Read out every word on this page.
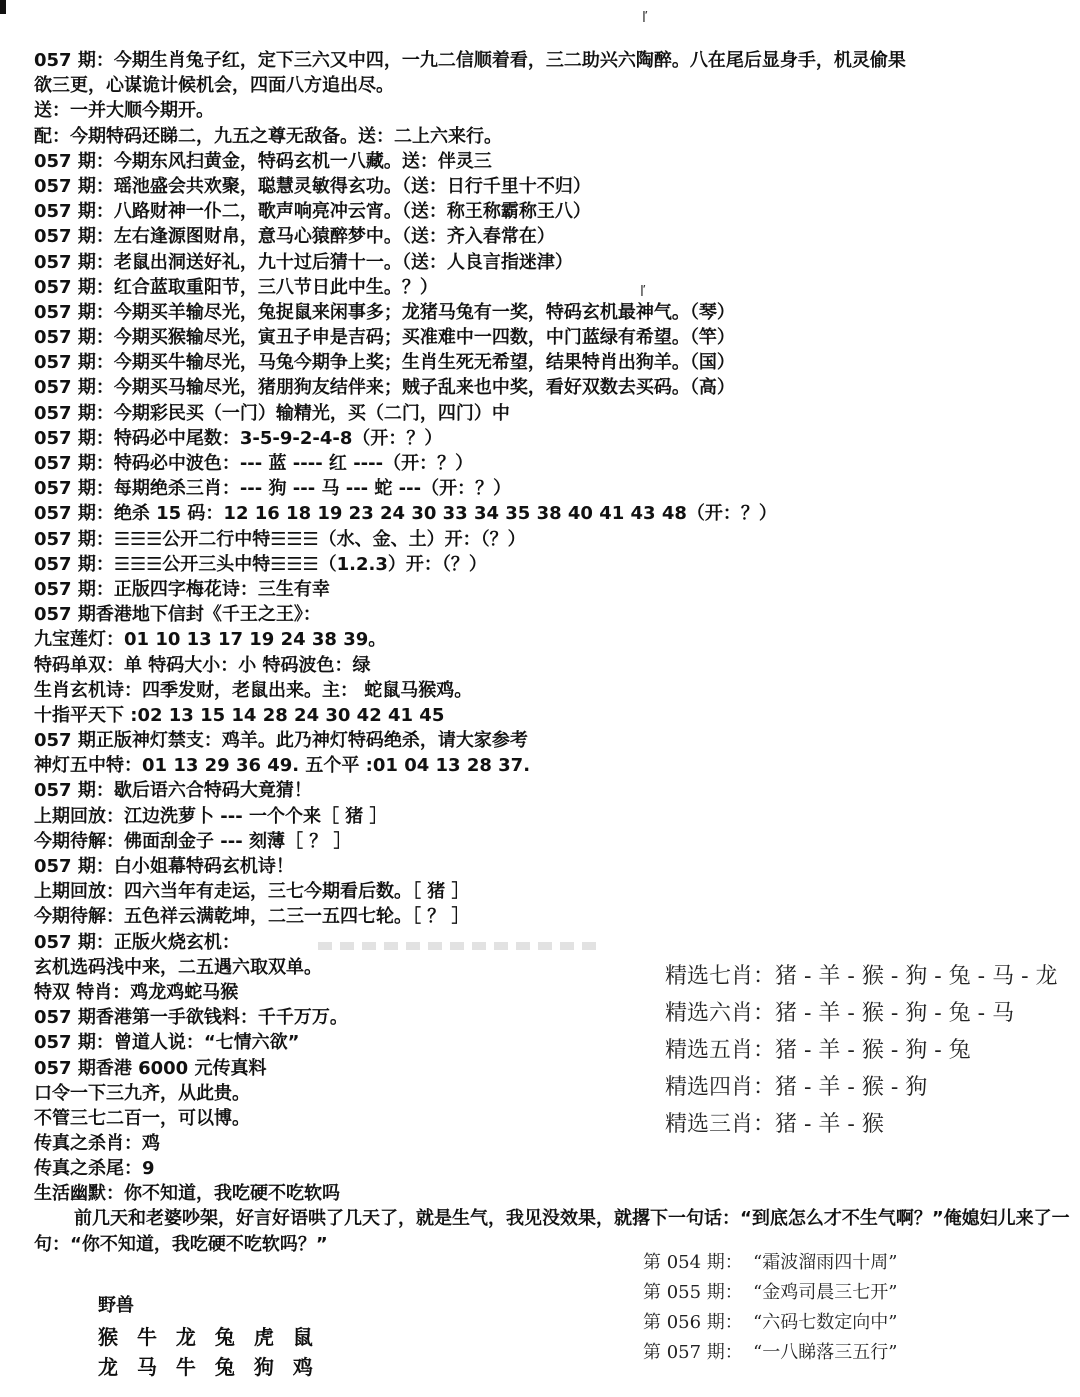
ľ
ľ
057 期：今期生肖兔子红，定下三六又中四，一九二信顺着看，三二助兴六陶醉。八在尾后显身手，机灵偷果
欲三更，心谋诡计候机会，四面八方追出尽。
送：一并大顺今期开。
配：今期特码还睇二，九五之尊无敌备。送：二上六来行。
057 期：今期东风扫黄金，特码玄机一八藏。送：伴灵三
057 期：瑶池盛会共欢聚，聪慧灵敏得玄功。（送：日行千里十不归）
057 期：八路财神一仆二，歌声响亮冲云宵。（送：称王称霸称王八）
057 期：左右逢源图财帛，意马心猿醉梦中。（送：齐入春常在）
057 期：老鼠出洞送好礼，九十过后猜十一。（送：人良言指迷津）
057 期：红合蓝取重阳节，三八节日此中生。？）
057 期：今期买羊输尽光，兔捉鼠来闲事多；龙猪马兔有一奖，特码玄机最神气。（琴）
057 期：今期买猴输尽光，寅丑子申是吉码；买准难中一四数，中门蓝绿有希望。（竿）
057 期：今期买牛输尽光，马兔今期争上奖；生肖生死无希望，结果特肖出狗羊。（国）
057 期：今期买马输尽光，猪朋狗友结伴来；贼子乱来也中奖，看好双数去买码。（高）
057 期：今期彩民买（一门）输精光，买（二门，四门）中
057 期：特码必中尾数：3-5-9-2-4-8（开：？）
057 期：特码必中波色：--- 蓝 ---- 红 ----（开：？）
057 期：每期绝杀三肖：--- 狗 --- 马 --- 蛇 ---（开：？）
057 期：绝杀 15 码：12 16 18 19 23 24 30 33 34 35 38 40 41 43 48（开：？）
057 期：☰☰☰公开二行中特☰☰☰（水、金、土）开：（？）
057 期：☰☰☰公开三头中特☰☰☰（1.2.3）开：（？）
057 期：正版四字梅花诗：三生有幸
057 期香港地下信封《千王之王》：
九宝莲灯：01 10 13 17 19 24 38 39。
特码单双：单 特码大小：小 特码波色：绿
生肖玄机诗：四季发财，老鼠出来。主： 蛇鼠马猴鸡。
十指平天下 :02 13 15 14 28 24 30 42 41 45
057 期正版神灯禁支：鸡羊。此乃神灯特码绝杀，请大家参考
神灯五中特：01 13 29 36 49. 五个平 :01 04 13 28 37.
057 期：歇后语六合特码大竟猜！
上期回放：江边洗萝卜 --- 一个个来［ 猪 ］
今期待解：佛面刮金子 --- 刻薄［ ？ ］
057 期：白小姐幕特码玄机诗！
上期回放：四六当年有走运，三七今期看后数。［ 猪 ］
今期待解：五色祥云满乾坤，二三一五四七轮。［ ？ ］
057 期：正版火烧玄机：
玄机选码浅中来，二五遇六取双单。
特双 特肖：鸡龙鸡蛇马猴
057 期香港第一手欲钱料：千千万万。
057 期：曾道人说：“七情六欲”
057 期香港 6000 元传真料
口令一下三九齐，从此贵。
不管三七二百一，可以博。
传真之杀肖：鸡
传真之杀尾：9
生活幽默：你不知道，我吃硬不吃软吗
前几天和老婆吵架，好言好语哄了几天了，就是生气，我见没效果，就撂下一句话：“到底怎么才不生气啊？”俺媳妇儿来了一句：“你不知道，我吃硬不吃软吗？”
精选七肖：猪 - 羊 - 猴 - 狗 - 兔 - 马 - 龙
精选六肖：猪 - 羊 - 猴 - 狗 - 兔 - 马
精选五肖：猪 - 羊 - 猴 - 狗 - 兔
精选四肖：猪 - 羊 - 猴 - 狗
精选三肖：猪 - 羊 - 猴
野兽
猴 牛 龙 兔 虎 鼠
龙 马 牛 兔 狗 鸡
第 054 期： “霜波溜雨四十周”
第 055 期： “金鸡司晨三七开”
第 056 期： “六码七数定向中”
第 057 期： “一八睇落三五行”
